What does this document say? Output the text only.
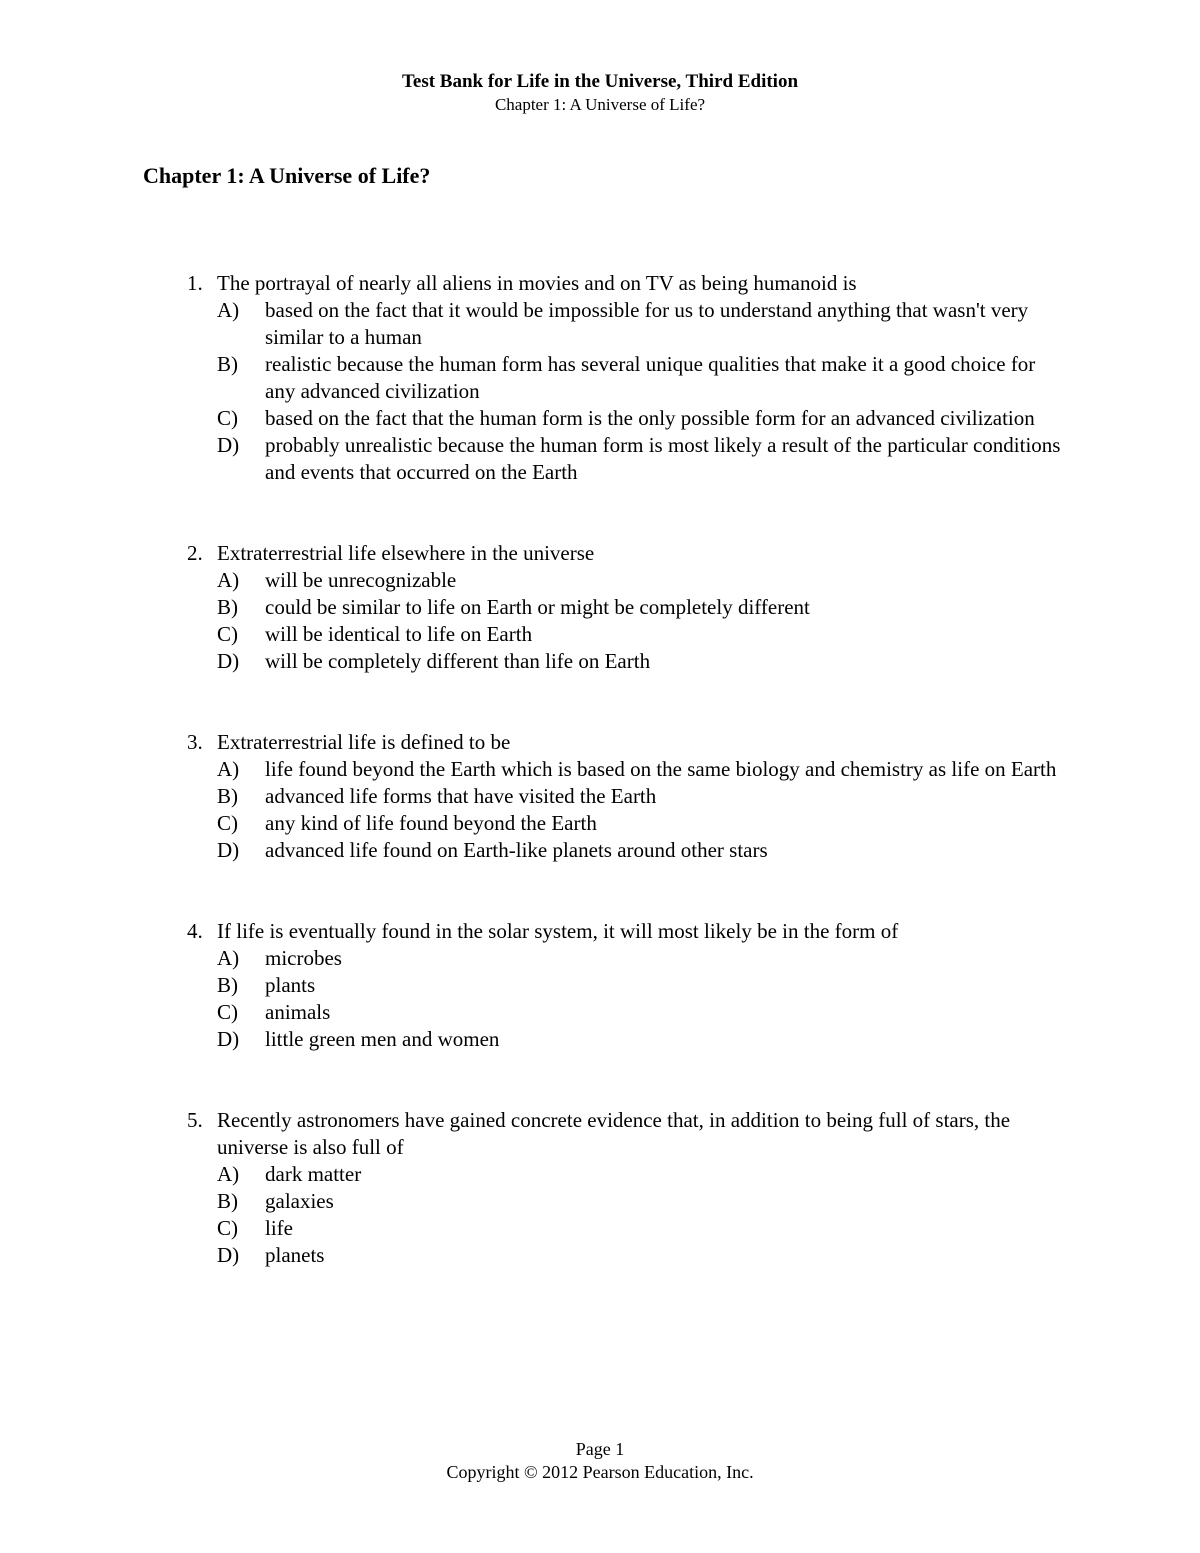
Test Bank for Life in the Universe, Third Edition
Chapter 1: A Universe of Life?
Chapter 1: A Universe of Life?
1. The portrayal of nearly all aliens in movies and on TV as being humanoid is
A)	based on the fact that it would be impossible for us to understand anything that wasn't very similar to a human
B)	realistic because the human form has several unique qualities that make it a good choice for any advanced civilization
C)	based on the fact that the human form is the only possible form for an advanced civilization
D)	probably unrealistic because the human form is most likely a result of the particular conditions and events that occurred on the Earth
2. Extraterrestrial life elsewhere in the universe
A)	will be unrecognizable
B)	could be similar to life on Earth or might be completely different
C)	will be identical to life on Earth
D)	will be completely different than life on Earth
3. Extraterrestrial life is defined to be
A)	life found beyond the Earth which is based on the same biology and chemistry as life on Earth
B)	advanced life forms that have visited the Earth
C)	any kind of life found beyond the Earth
D)	advanced life found on Earth-like planets around other stars
4. If life is eventually found in the solar system, it will most likely be in the form of
A)	microbes
B)	plants
C)	animals
D)	little green men and women
5. Recently astronomers have gained concrete evidence that, in addition to being full of stars, the universe is also full of
A)	dark matter
B)	galaxies
C)	life
D)	planets
Page 1
Copyright © 2012 Pearson Education, Inc.
